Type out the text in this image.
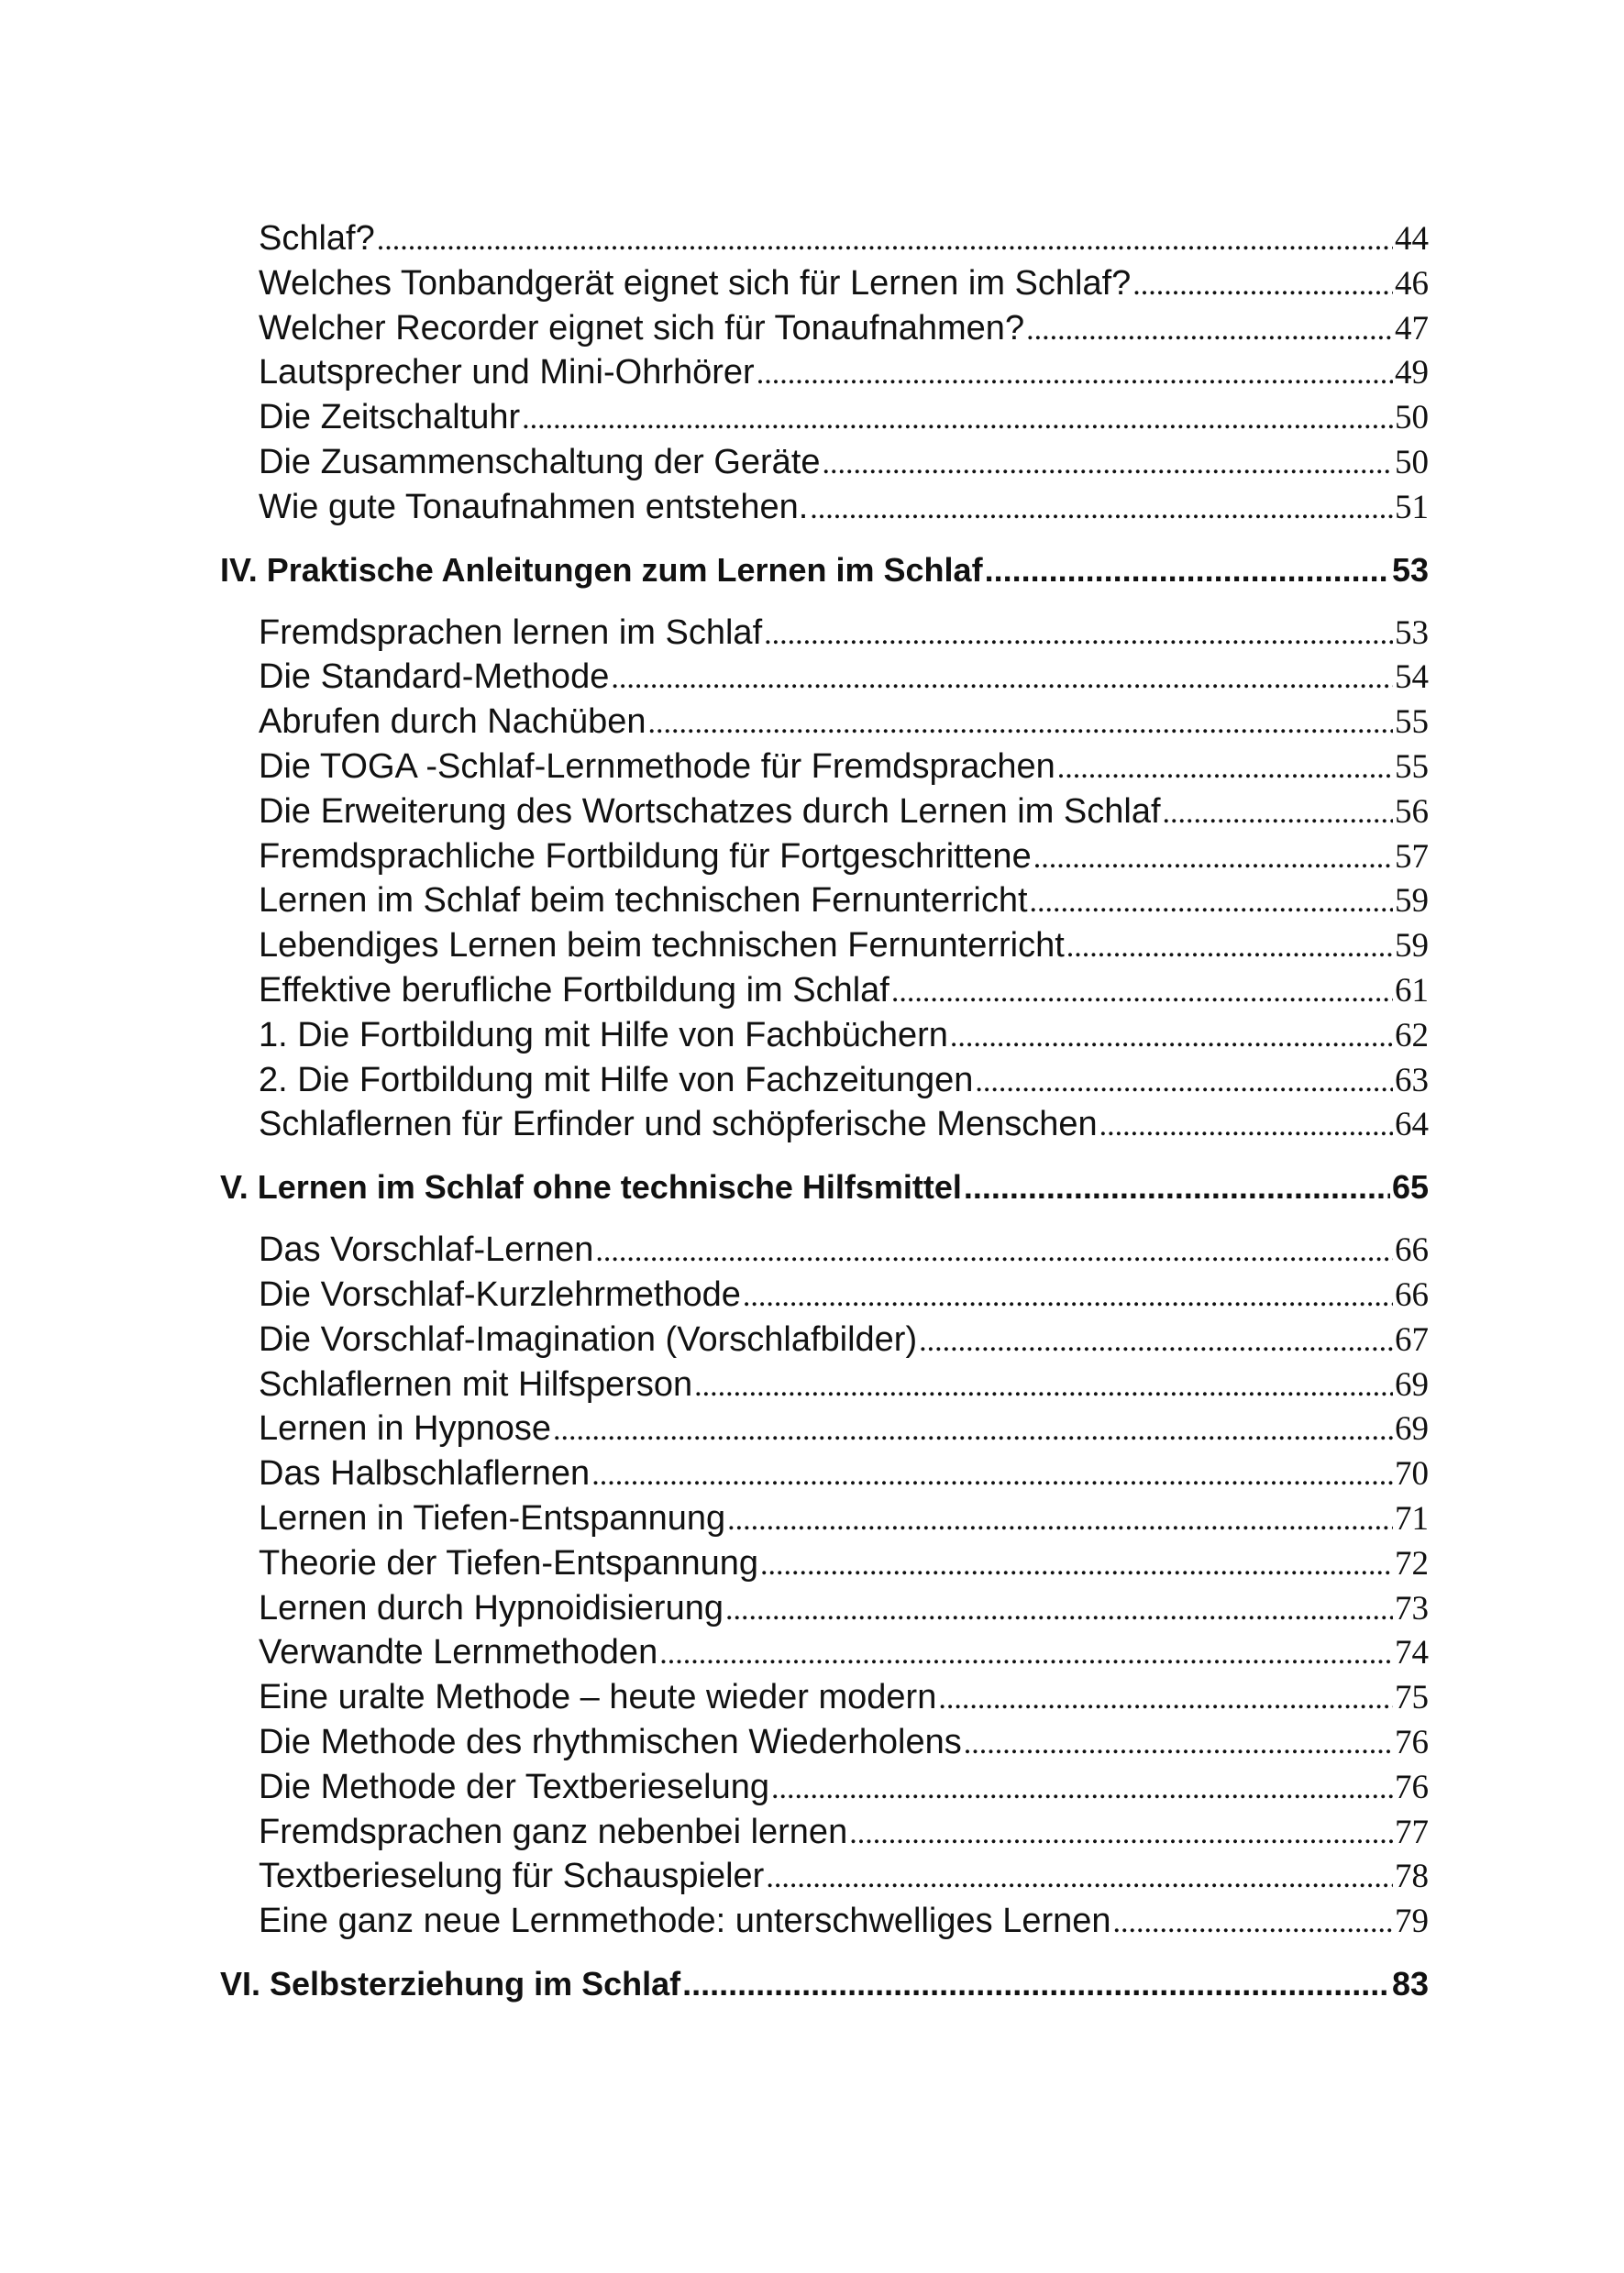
Schlaf? .....	44
Welches Tonbandgerät eignet sich für Lernen im Schlaf? .....	46
Welcher Recorder eignet sich für Tonaufnahmen? .....	47
Lautsprecher und Mini-Ohrhörer .....	49
Die Zeitschaltuhr .....	50
Die Zusammenschaltung der Geräte .....	50
Wie gute Tonaufnahmen entstehen. .....	51
IV. Praktische Anleitungen zum Lernen im Schlaf .....	53
Fremdsprachen lernen im Schlaf .....	53
Die Standard-Methode .....	54
Abrufen durch Nachüben .....	55
Die TOGA -Schlaf-Lernmethode für Fremdsprachen .....	55
Die Erweiterung des Wortschatzes durch Lernen im Schlaf .....	56
Fremdsprachliche Fortbildung für Fortgeschrittene .....	57
Lernen im Schlaf beim technischen Fernunterricht .....	59
Lebendiges Lernen beim technischen Fernunterricht .....	59
Effektive berufliche Fortbildung im Schlaf .....	61
1. Die Fortbildung mit Hilfe von Fachbüchern .....	62
2. Die Fortbildung mit Hilfe von Fachzeitungen .....	63
Schlaflernen für Erfinder und schöpferische Menschen .....	64
V. Lernen im Schlaf ohne technische Hilfsmittel .....	65
Das Vorschlaf-Lernen .....	66
Die Vorschlaf-Kurzlehrmethode .....	66
Die Vorschlaf-Imagination (Vorschlafbilder) .....	67
Schlaflernen mit Hilfsperson .....	69
Lernen in Hypnose .....	69
Das Halbschlaflernen .....	70
Lernen in Tiefen-Entspannung .....	71
Theorie der Tiefen-Entspannung .....	72
Lernen durch Hypnoidisierung .....	73
Verwandte Lernmethoden .....	74
Eine uralte Methode – heute wieder modern .....	75
Die Methode des rhythmischen Wiederholens .....	76
Die Methode der Textberieselung .....	76
Fremdsprachen ganz nebenbei lernen .....	77
Textberieselung für Schauspieler .....	78
Eine ganz neue Lernmethode: unterschwelliges Lernen .....	79
VI. Selbsterziehung im Schlaf .....	83
